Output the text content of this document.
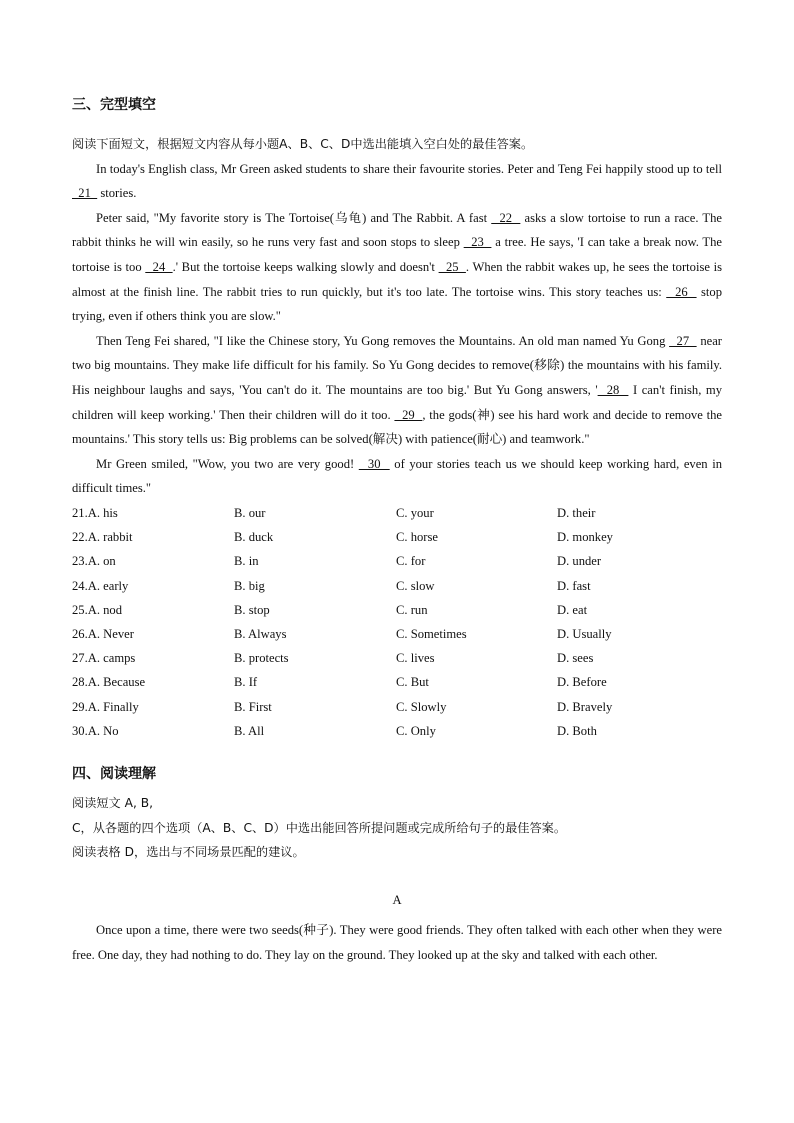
三、完型填空

阅读下面短文，根据短文内容从每小题A、B、C、D中选出能填入空白处的最佳答案。

In today's English class, Mr Green asked students to share their favourite stories. Peter and Teng Fei happily stood up to tell   21   stories.

Peter said, "My favorite story is The Tortoise(乌龟) and The Rabbit. A fast   22   asks a slow tortoise to run a race. The rabbit thinks he will win easily, so he runs very fast and soon stops to sleep   23   a tree. He says, 'I can take a break now. The tortoise is too   24  .' But the tortoise keeps walking slowly and doesn't   25  . When the rabbit wakes up, he sees the tortoise is almost at the finish line. The rabbit tries to run quickly, but it's too late. The tortoise wins. This story teaches us:   26   stop trying, even if others think you are slow."

Then Teng Fei shared, "I like the Chinese story, Yu Gong removes the Mountains. An old man named Yu Gong   27   near two big mountains. They make life difficult for his family. So Yu Gong decides to remove(移除) the mountains with his family. His neighbour laughs and says, 'You can't do it. The mountains are too big.' But Yu Gong answers, '  28   I can't finish, my children will keep working.' Then their children will do it too.   29  , the gods(神) see his hard work and decide to remove the mountains.' This story tells us: Big problems can be solved(解决) with patience(耐心) and teamwork."

Mr Green smiled, "Wow, you two are very good!   30   of your stories teach us we should keep working hard, even in difficult times."

21.A. his	B. our	C. your	D. their
22.A. rabbit	B. duck	C. horse	D. monkey
23.A. on	B. in	C. for	D. under
24.A. early	B. big	C. slow	D. fast
25.A. nod	B. stop	C. run	D. eat
26.A. Never	B. Always	C. Sometimes	D. Usually
27.A. camps	B. protects	C. lives	D. sees
28.A. Because	B. If	C. But	D. Before
29.A. Finally	B. First	C. Slowly	D. Bravely
30.A. No	B. All	C. Only	D. Both
四、阅读理解

阅读短文 A, B,

C，从各题的四个选项（A、B、C、D）中选出能回答所提问题或完成所给句子的最佳答案。

阅读表格 D，选出与不同场景匹配的建议。

A

Once upon a time, there were two seeds(种子). They were good friends. They often talked with each other when they were free. One day, they had nothing to do. They lay on the ground. They looked up at the sky and talked with each other.
